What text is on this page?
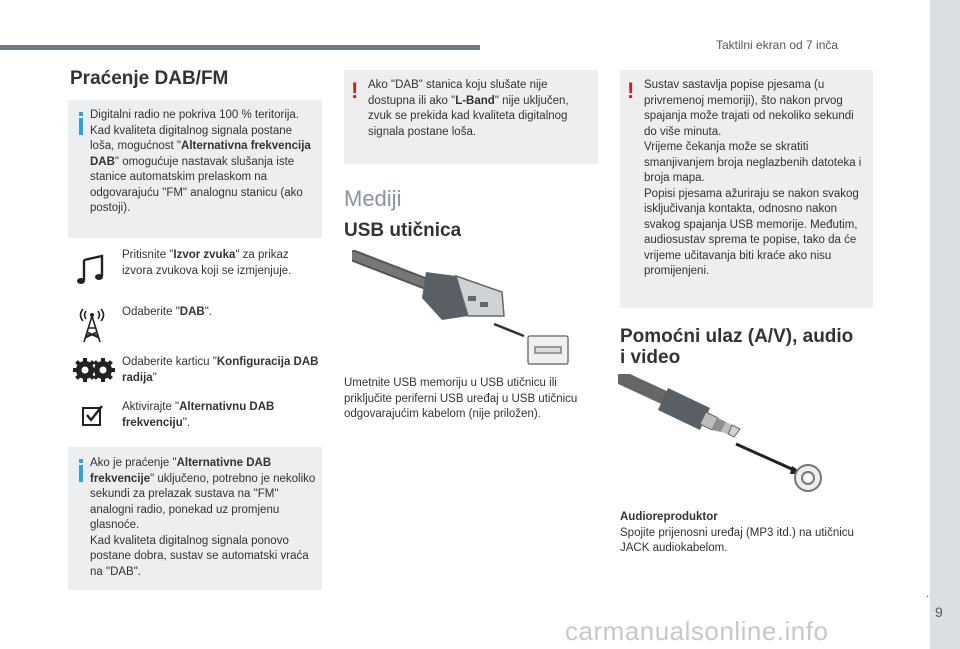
Taktilni ekran od 7 inča
.
9
Praćenje DAB/FM

Digitalni radio ne pokriva 100 % teritorija. Kad kvaliteta digitalnog signala postane loša, mogućnost "Alternativna frekvencija DAB" omogućuje nastavak slušanja iste stanice automatskim prelaskom na odgovarajuću "FM" analognu stanicu (ako postoji).

Pritisnite "Izvor zvuka" za prikaz izvora zvukova koji se izmjenjuje.
Odaberite "DAB".
Odaberite karticu "Konfiguracija DAB radija"
Aktivirajte "Alternativnu DAB frekvenciju".

Ako je praćenje "Alternativne DAB frekvencije" uključeno, potrebno je nekoliko sekundi za prelazak sustava na "FM" analogni radio, ponekad uz promjenu glasnoće.
Kad kvaliteta digitalnog signala ponovo postane dobra, sustav se automatski vraća na "DAB".

! Ako "DAB" stanica koju slušate nije dostupna ili ako "L-Band" nije uključen, zvuk se prekida kad kvaliteta digitalnog signala postane loša.

Mediji
USB utičnica
Umetnite USB memoriju u USB utičnicu ili priključite periferni USB uređaj u USB utičnicu odgovarajućim kabelom (nije priložen).
! Sustav sastavlja popise pjesama (u privremenoj memoriji), što nakon prvog spajanja može trajati od nekoliko sekundi do više minuta.
Vrijeme čekanja može se skratiti smanjivanjem broja neglazbenih datoteka i broja mapa.
Popisi pjesama ažuriraju se nakon svakog isključivanja kontakta, odnosno nakon svakog spajanja USB memorije. Međutim, audiosustav sprema te popise, tako da će vrijeme učitavanja biti kraće ako nisu promijenjeni.

Pomoćni ulaz (A/V), audio
i video
Audioreproduktor
Spojite prijenosni uređaj (MP3 itd.) na utičnicu JACK audiokabelom.
carmanualsonline.info
